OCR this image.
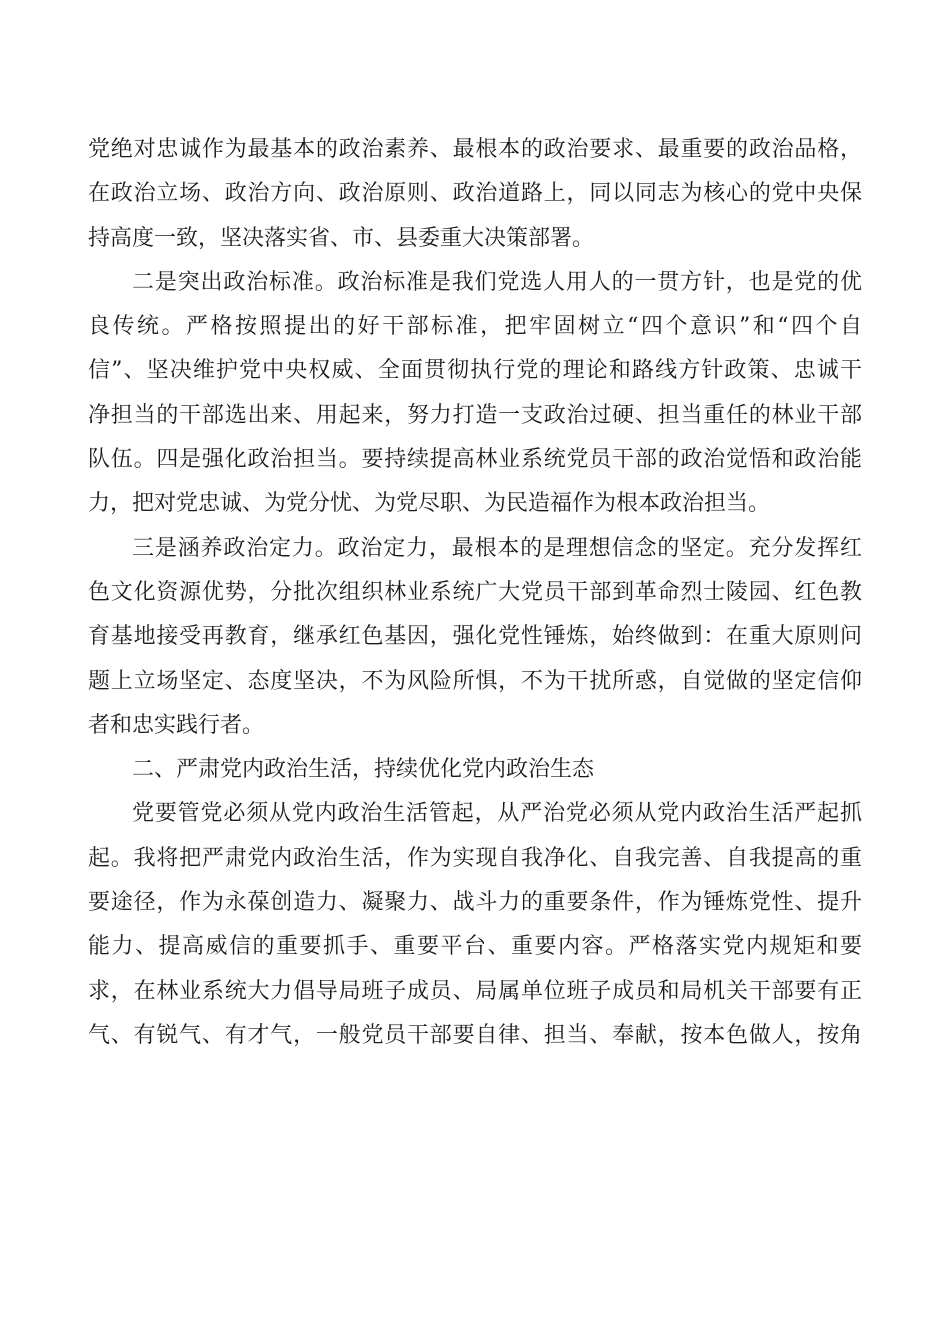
党绝对忠诚作为最基本的政治素养、最根本的政治要求、最重要的政治品格，
在政治立场、政治方向、政治原则、政治道路上，同以同志为核心的党中央保
持高度一致，坚决落实省、市、县委重大决策部署。
二是突出政治标准。政治标准是我们党选人用人的一贯方针，也是党的优
良传统。严格按照提出的好干部标准，把牢固树立“四个意识”和“四个自
信”、坚决维护党中央权威、全面贯彻执行党的理论和路线方针政策、忠诚干
净担当的干部选出来、用起来，努力打造一支政治过硬、担当重任的林业干部
队伍。四是强化政治担当。要持续提高林业系统党员干部的政治觉悟和政治能
力，把对党忠诚、为党分忧、为党尽职、为民造福作为根本政治担当。
三是涵养政治定力。政治定力，最根本的是理想信念的坚定。充分发挥红
色文化资源优势，分批次组织林业系统广大党员干部到革命烈士陵园、红色教
育基地接受再教育，继承红色基因，强化党性锤炼，始终做到：在重大原则问
题上立场坚定、态度坚决，不为风险所惧，不为干扰所惑，自觉做的坚定信仰
者和忠实践行者。
二、严肃党内政治生活，持续优化党内政治生态
党要管党必须从党内政治生活管起，从严治党必须从党内政治生活严起抓
起。我将把严肃党内政治生活，作为实现自我净化、自我完善、自我提高的重
要途径，作为永葆创造力、凝聚力、战斗力的重要条件，作为锤炼党性、提升
能力、提高威信的重要抓手、重要平台、重要内容。严格落实党内规矩和要
求，在林业系统大力倡导局班子成员、局属单位班子成员和局机关干部要有正
气、有锐气、有才气，一般党员干部要自律、担当、奉献，按本色做人，按角
